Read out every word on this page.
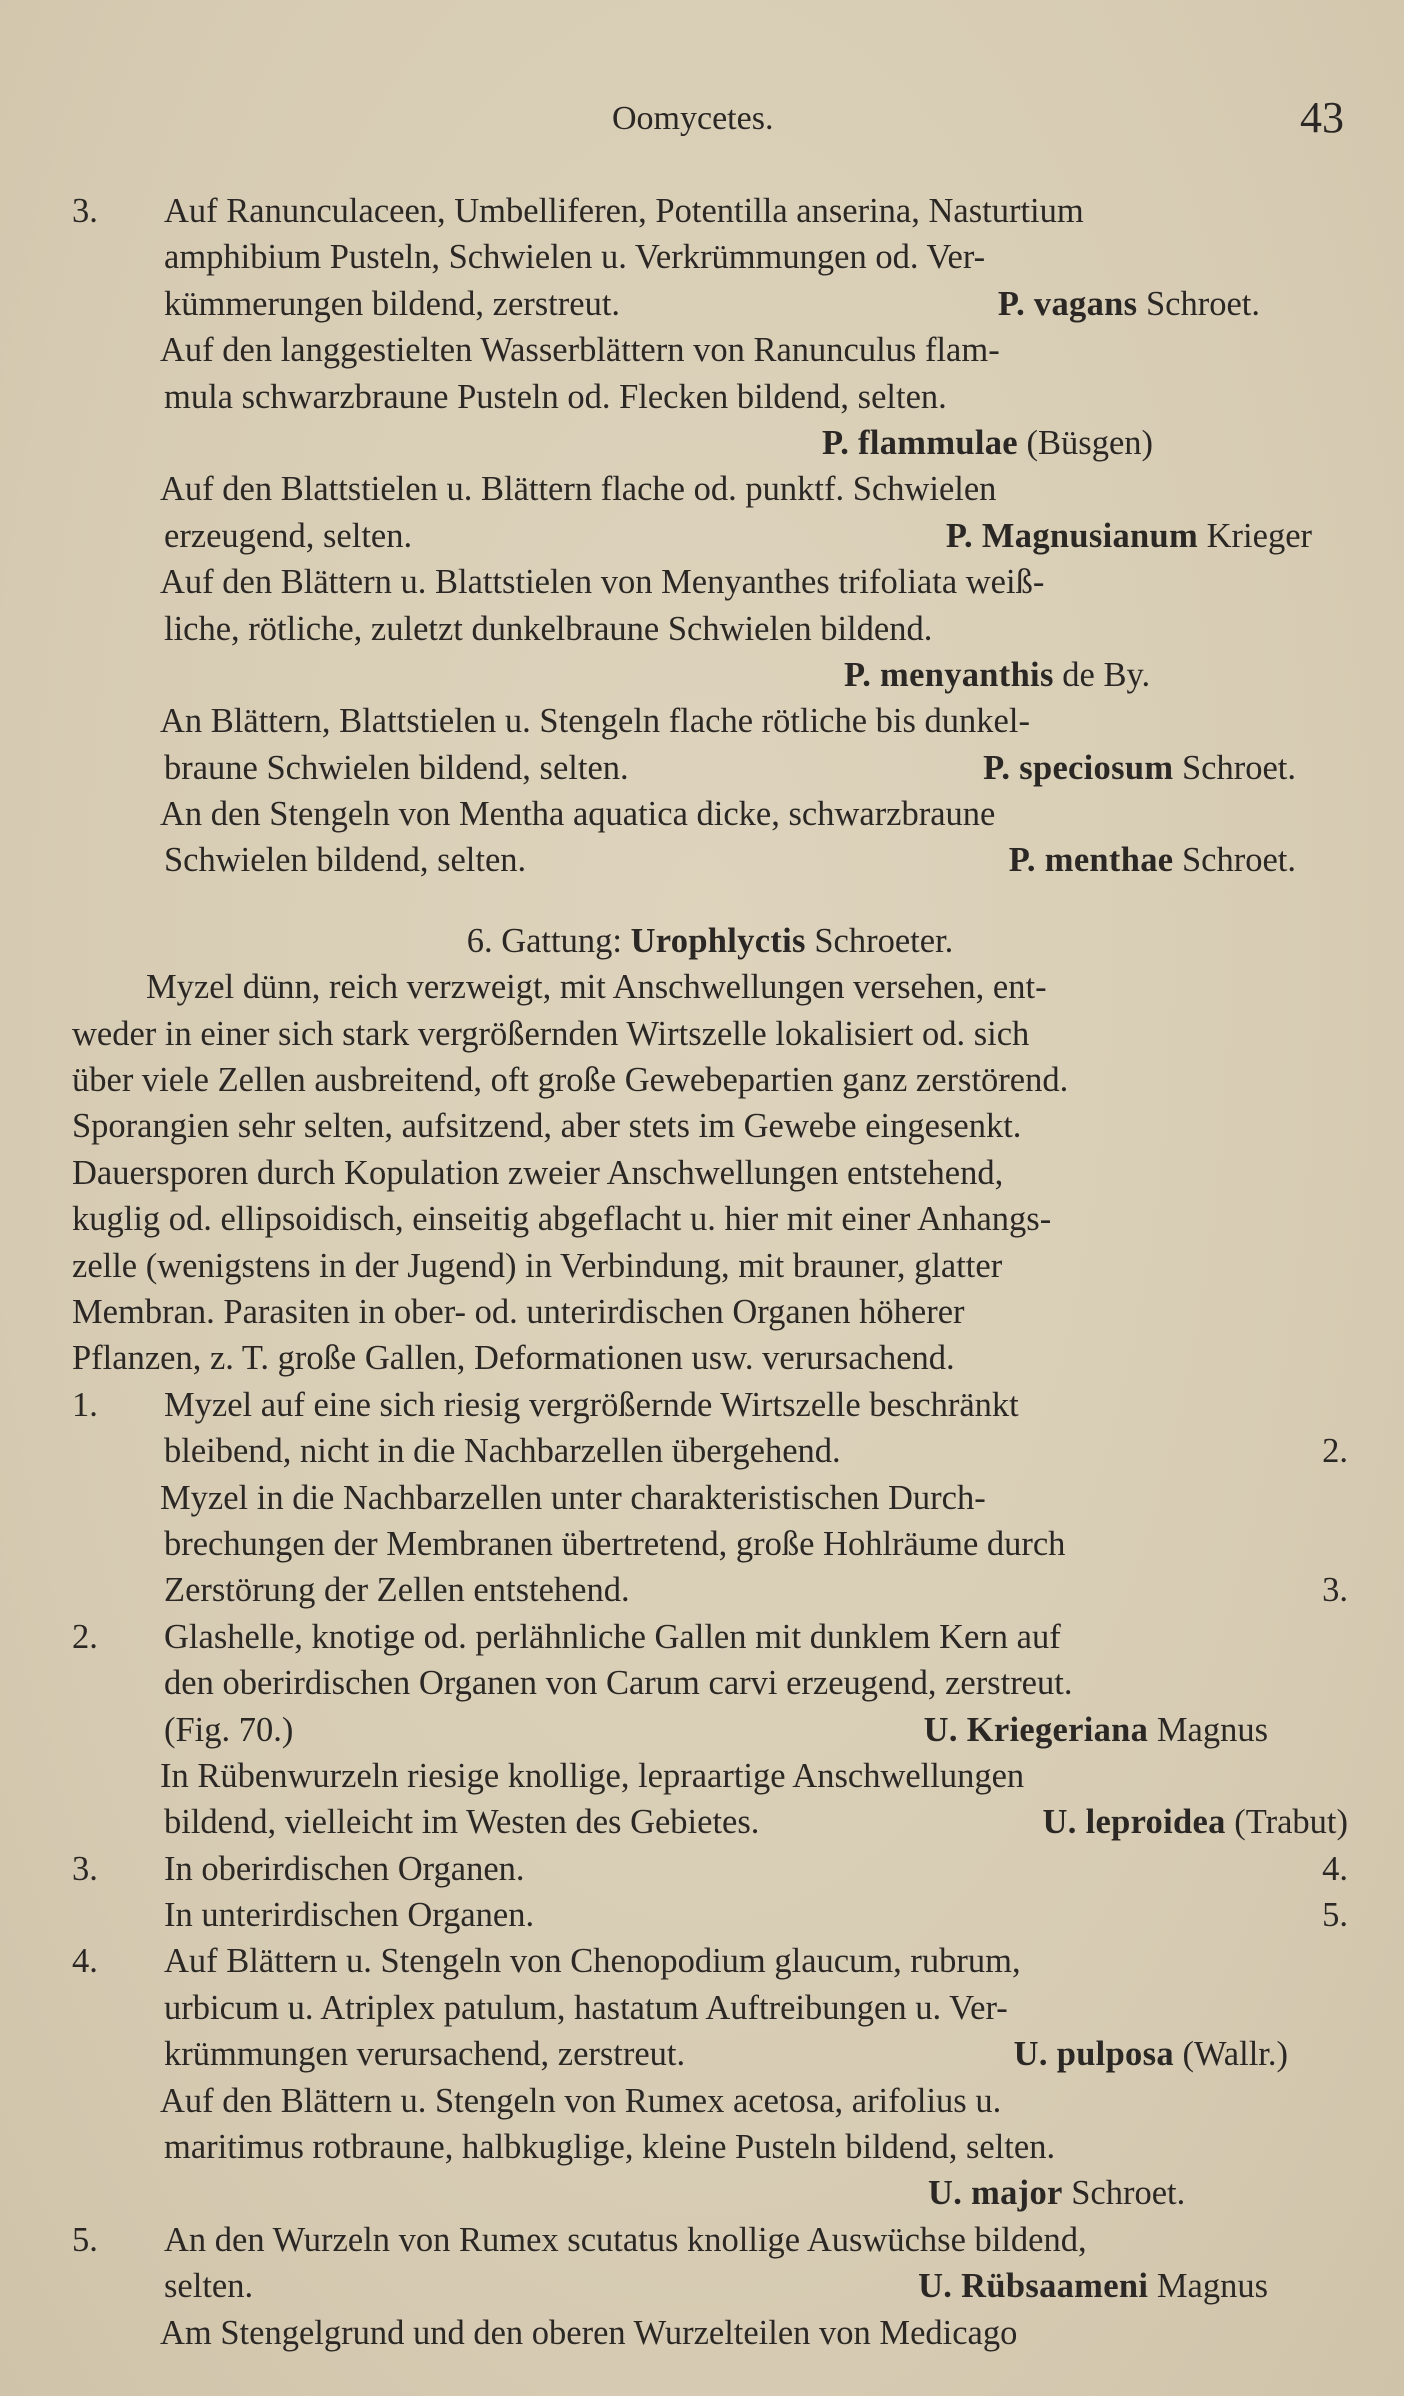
Oomycetes.	43
3. Auf Ranunculaceen, Umbelliferen, Potentilla anserina, Nasturtium
amphibium Pusteln, Schwielen u. Verkrümmungen od. Ver-
kümmerungen bildend, zerstreut.	P. vagans Schroet.
Auf den langgestielten Wasserblättern von Ranunculus flam-
mula schwarzbraune Pusteln od. Flecken bildend, selten.
P. flammulae (Büsgen)
Auf den Blattstielen u. Blättern flache od. punktf. Schwielen
erzeugend, selten.	P. Magnusianum Krieger
Auf den Blättern u. Blattstielen von Menyanthes trifoliata weiß-
liche, rötliche, zuletzt dunkelbraune Schwielen bildend.
P. menyanthis de By.
An Blättern, Blattstielen u. Stengeln flache rötliche bis dunkel-
braune Schwielen bildend, selten.	P. speciosum Schroet.
An den Stengeln von Mentha aquatica dicke, schwarzbraune
Schwielen bildend, selten.	P. menthae Schroet.
6. Gattung: Urophlyctis Schroeter.
Myzel dünn, reich verzweigt, mit Anschwellungen versehen, ent-
weder in einer sich stark vergrößernden Wirtszelle lokalisiert od. sich
über viele Zellen ausbreitend, oft große Gewebepartien ganz zerstörend.
Sporangien sehr selten, aufsitzend, aber stets im Gewebe eingesenkt.
Dauersporen durch Kopulation zweier Anschwellungen entstehend,
kuglig od. ellipsoidisch, einseitig abgeflacht u. hier mit einer Anhangs-
zelle (wenigstens in der Jugend) in Verbindung, mit brauner, glatter
Membran. Parasiten in ober- od. unterirdischen Organen höherer
Pflanzen, z. T. große Gallen, Deformationen usw. verursachend.
1. Myzel auf eine sich riesig vergrößernde Wirtszelle beschränkt
bleibend, nicht in die Nachbarzellen übergehend.	2.
Myzel in die Nachbarzellen unter charakteristischen Durch-
brechungen der Membranen übertretend, große Hohlräume durch
Zerstörung der Zellen entstehend.	3.
2. Glashelle, knotige od. perlähnliche Gallen mit dunklem Kern auf
den oberirdischen Organen von Carum carvi erzeugend, zerstreut.
(Fig. 70.)	U. Kriegeriana Magnus
In Rübenwurzeln riesige knollige, lepraartige Anschwellungen
bildend, vielleicht im Westen des Gebietes.	U. leproidea (Trabut)
3. In oberirdischen Organen.	4.
In unterirdischen Organen.	5.
4. Auf Blättern u. Stengeln von Chenopodium glaucum, rubrum,
urbicum u. Atriplex patulum, hastatum Auftreibungen u. Ver-
krümmungen verursachend, zerstreut.	U. pulposa (Wallr.)
Auf den Blättern u. Stengeln von Rumex acetosa, arifolius u.
maritimus rotbraune, halbkuglige, kleine Pusteln bildend, selten.
U. major Schroet.
5. An den Wurzeln von Rumex scutatus knollige Auswüchse bildend,
selten.	U. Rübsaameni Magnus
Am Stengelgrund und den oberen Wurzelteilen von Medicago
